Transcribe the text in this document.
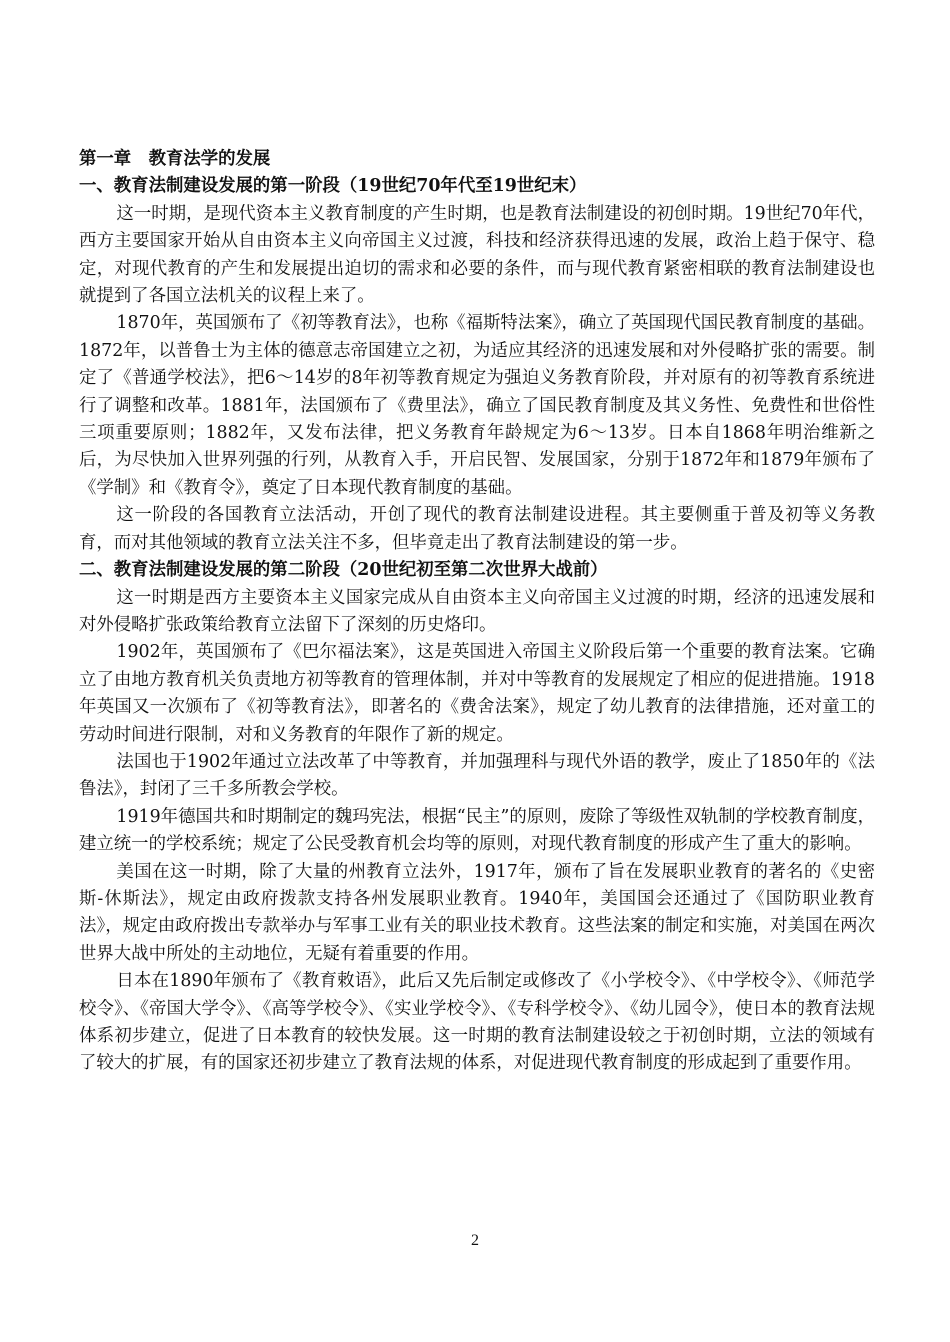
第一章　教育法学的发展
一、教育法制建设发展的第一阶段（19世纪70年代至19世纪末）

这一时期，是现代资本主义教育制度的产生时期，也是教育法制建设的初创时期。19世纪70年代，西方主要国家开始从自由资本主义向帝国主义过渡，科技和经济获得迅速的发展，政治上趋于保守、稳定，对现代教育的产生和发展提出迫切的需求和必要的条件，而与现代教育紧密相联的教育法制建设也就提到了各国立法机关的议程上来了。

1870年，英国颁布了《初等教育法》，也称《福斯特法案》，确立了英国现代国民教育制度的基础。1872年，以普鲁士为主体的德意志帝国建立之初，为适应其经济的迅速发展和对外侵略扩张的需要。制定了《普通学校法》，把6～14岁的8年初等教育规定为强迫义务教育阶段，并对原有的初等教育系统进行了调整和改革。1881年，法国颁布了《费里法》，确立了国民教育制度及其义务性、免费性和世俗性三项重要原则；1882年，又发布法律，把义务教育年龄规定为6～13岁。日本自1868年明治维新之后，为尽快加入世界列强的行列，从教育入手，开启民智、发展国家，分别于1872年和1879年颁布了《学制》和《教育令》，奠定了日本现代教育制度的基础。

这一阶段的各国教育立法活动，开创了现代的教育法制建设进程。其主要侧重于普及初等义务教育，而对其他领域的教育立法关注不多，但毕竟走出了教育法制建设的第一步。

二、教育法制建设发展的第二阶段（20世纪初至第二次世界大战前）

这一时期是西方主要资本主义国家完成从自由资本主义向帝国主义过渡的时期，经济的迅速发展和对外侵略扩张政策给教育立法留下了深刻的历史烙印。

1902年，英国颁布了《巴尔福法案》，这是英国进入帝国主义阶段后第一个重要的教育法案。它确立了由地方教育机关负责地方初等教育的管理体制，并对中等教育的发展规定了相应的促进措施。1918年英国又一次颁布了《初等教育法》，即著名的《费舍法案》，规定了幼儿教育的法律措施，还对童工的劳动时间进行限制，对和义务教育的年限作了新的规定。

法国也于1902年通过立法改革了中等教育，并加强理科与现代外语的教学，废止了1850年的《法鲁法》，封闭了三千多所教会学校。

1919年德国共和时期制定的魏玛宪法，根据“民主”的原则，废除了等级性双轨制的学校教育制度，建立统一的学校系统；规定了公民受教育机会均等的原则，对现代教育制度的形成产生了重大的影响。

美国在这一时期，除了大量的州教育立法外，1917年，颁布了旨在发展职业教育的著名的《史密斯-休斯法》，规定由政府拨款支持各州发展职业教育。1940年，美国国会还通过了《国防职业教育法》，规定由政府拨出专款举办与军事工业有关的职业技术教育。这些法案的制定和实施，对美国在两次世界大战中所处的主动地位，无疑有着重要的作用。

日本在1890年颁布了《教育敕语》，此后又先后制定或修改了《小学校令》、《中学校令》、《师范学校令》、《帝国大学令》、《高等学校令》、《实业学校令》、《专科学校令》、《幼儿园令》，使日本的教育法规体系初步建立，促进了日本教育的较快发展。这一时期的教育法制建设较之于初创时期，立法的领域有了较大的扩展，有的国家还初步建立了教育法规的体系，对促进现代教育制度的形成起到了重要作用。

2
